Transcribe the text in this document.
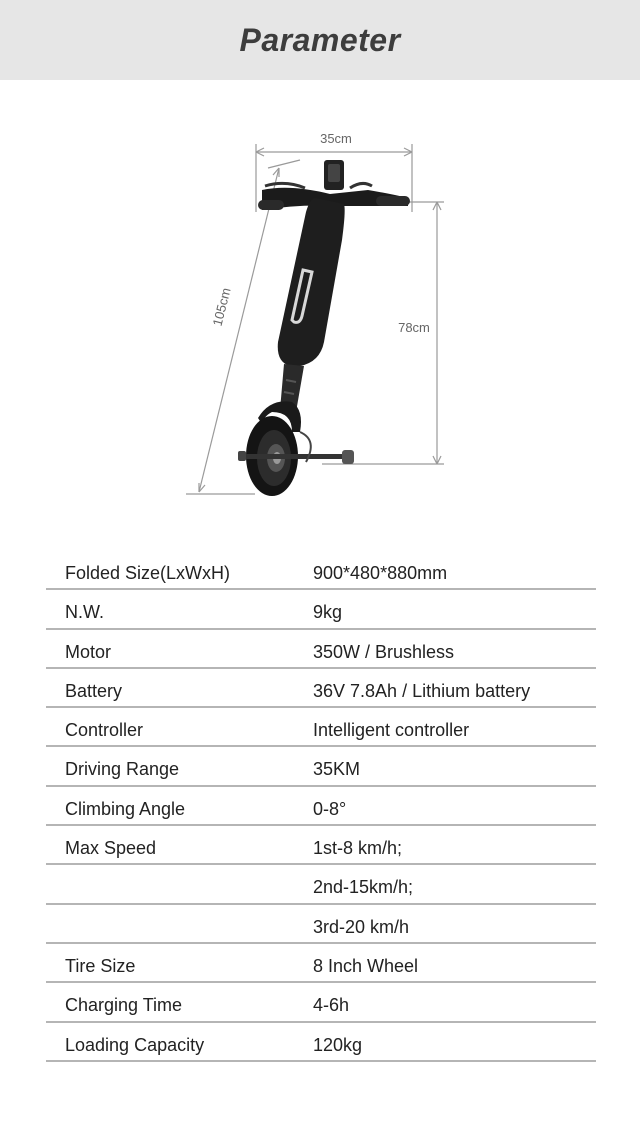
Parameter
35cm
78cm
105cm
Folded Size(LxWxH)	900*480*880mm
N.W.	9kg
Motor	350W / Brushless
Battery	36V 7.8Ah / Lithium battery
Controller	Intelligent controller
Driving Range	35KM
Climbing Angle	0-8°
Max Speed	1st-8 km/h;
2nd-15km/h;
3rd-20 km/h
Tire Size	8 Inch Wheel
Charging Time	4-6h
Loading Capacity	120kg
